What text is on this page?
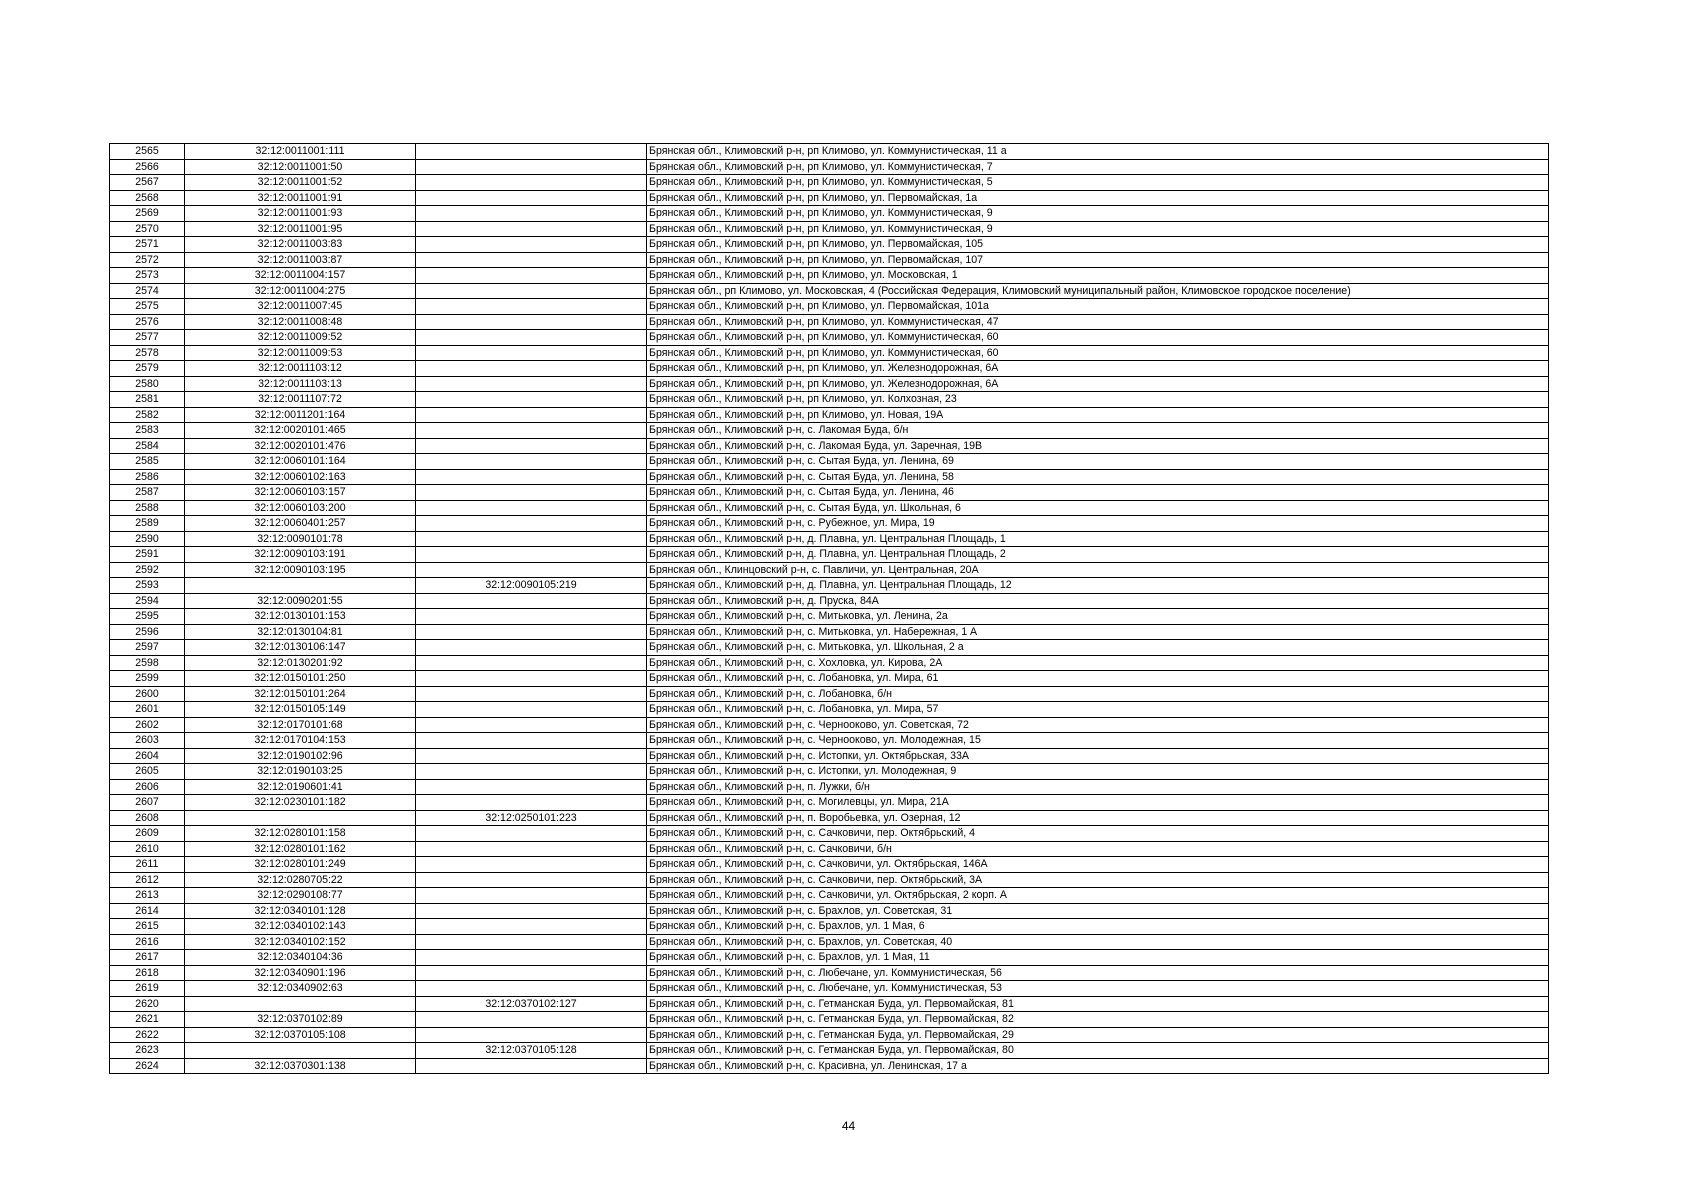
2565	32:12:0011001:111		Брянская обл., Климовский р-н, рп Климово, ул. Коммунистическая, 11 а
2566	32:12:0011001:50		Брянская обл., Климовский р-н, рп Климово, ул. Коммунистическая, 7
2567	32:12:0011001:52		Брянская обл., Климовский р-н, рп Климово, ул. Коммунистическая, 5
2568	32:12:0011001:91		Брянская обл., Климовский р-н, рп Климово, ул. Первомайская, 1а
2569	32:12:0011001:93		Брянская обл., Климовский р-н, рп Климово, ул. Коммунистическая, 9
2570	32:12:0011001:95		Брянская обл., Климовский р-н, рп Климово, ул. Коммунистическая, 9
2571	32:12:0011003:83		Брянская обл., Климовский р-н, рп Климово, ул. Первомайская, 105
2572	32:12:0011003:87		Брянская обл., Климовский р-н, рп Климово, ул. Первомайская, 107
2573	32:12:0011004:157		Брянская обл., Климовский р-н, рп Климово, ул. Московская, 1
2574	32:12:0011004:275		Брянская обл., рп Климово, ул. Московская, 4 (Российская Федерация, Климовский муниципальный район, Климовское городское поселение)
2575	32:12:0011007:45		Брянская обл., Климовский р-н, рп Климово, ул. Первомайская, 101а
2576	32:12:0011008:48		Брянская обл., Климовский р-н, рп Климово, ул. Коммунистическая, 47
2577	32:12:0011009:52		Брянская обл., Климовский р-н, рп Климово, ул. Коммунистическая, 60
2578	32:12:0011009:53		Брянская обл., Климовский р-н, рп Климово, ул. Коммунистическая, 60
2579	32:12:0011103:12		Брянская обл., Климовский р-н, рп Климово, ул. Железнодорожная, 6А
2580	32:12:0011103:13		Брянская обл., Климовский р-н, рп Климово, ул. Железнодорожная, 6А
2581	32:12:0011107:72		Брянская обл., Климовский р-н, рп Климово, ул. Колхозная, 23
2582	32:12:0011201:164		Брянская обл., Климовский р-н, рп Климово, ул. Новая, 19А
2583	32:12:0020101:465		Брянская обл., Климовский р-н, с. Лакомая Буда, б/н
2584	32:12:0020101:476		Брянская обл., Климовский р-н, с. Лакомая Буда, ул. Заречная, 19В
2585	32:12:0060101:164		Брянская обл., Климовский р-н, с. Сытая Буда, ул. Ленина, 69
2586	32:12:0060102:163		Брянская обл., Климовский р-н, с. Сытая Буда, ул. Ленина, 58
2587	32:12:0060103:157		Брянская обл., Климовский р-н, с. Сытая Буда, ул. Ленина, 46
2588	32:12:0060103:200		Брянская обл., Климовский р-н, с. Сытая Буда, ул. Школьная, 6
2589	32:12:0060401:257		Брянская обл., Климовский р-н, с. Рубежное, ул. Мира, 19
2590	32:12:0090101:78		Брянская обл., Климовский р-н, д. Плавна, ул. Центральная Площадь, 1
2591	32:12:0090103:191		Брянская обл., Климовский р-н, д. Плавна, ул. Центральная Площадь, 2
2592	32:12:0090103:195		Брянская обл., Клинцовский р-н, с. Павличи, ул. Центральная, 20А
2593		32:12:0090105:219	Брянская обл., Климовский р-н, д. Плавна, ул. Центральная Площадь, 12
2594	32:12:0090201:55		Брянская обл., Климовский р-н, д. Пруска, 84А
2595	32:12:0130101:153		Брянская обл., Климовский р-н, с. Митьковка, ул. Ленина, 2а
2596	32:12:0130104:81		Брянская обл., Климовский р-н, с. Митьковка, ул. Набережная, 1 А
2597	32:12:0130106:147		Брянская обл., Климовский р-н, с. Митьковка, ул. Школьная, 2 а
2598	32:12:0130201:92		Брянская обл., Климовский р-н, с. Хохловка, ул. Кирова, 2А
2599	32:12:0150101:250		Брянская обл., Климовский р-н, с. Лобановка, ул. Мира, 61
2600	32:12:0150101:264		Брянская обл., Климовский р-н, с. Лобановка, б/н
2601	32:12:0150105:149		Брянская обл., Климовский р-н, с. Лобановка, ул. Мира, 57
2602	32:12:0170101:68		Брянская обл., Климовский р-н, с. Чернооково, ул. Советская, 72
2603	32:12:0170104:153		Брянская обл., Климовский р-н, с. Чернооково, ул. Молодежная, 15
2604	32:12:0190102:96		Брянская обл., Климовский р-н, с. Истопки, ул. Октябрьская, 33А
2605	32:12:0190103:25		Брянская обл., Климовский р-н, с. Истопки, ул. Молодежная, 9
2606	32:12:0190601:41		Брянская обл., Климовский р-н, п. Лужки, б/н
2607	32:12:0230101:182		Брянская обл., Климовский р-н, с. Могилевцы, ул. Мира, 21А
2608		32:12:0250101:223	Брянская обл., Климовский р-н, п. Воробьевка, ул. Озерная, 12
2609	32:12:0280101:158		Брянская обл., Климовский р-н, с. Сачковичи, пер. Октябрьский, 4
2610	32:12:0280101:162		Брянская обл., Климовский р-н, с. Сачковичи, б/н
2611	32:12:0280101:249		Брянская обл., Климовский р-н, с. Сачковичи, ул. Октябрьская, 146А
2612	32:12:0280705:22		Брянская обл., Климовский р-н, с. Сачковичи, пер. Октябрьский, 3А
2613	32:12:0290108:77		Брянская обл., Климовский р-н, с. Сачковичи, ул. Октябрьская, 2 корп. А
2614	32:12:0340101:128		Брянская обл., Климовский р-н, с. Брахлов, ул. Советская, 31
2615	32:12:0340102:143		Брянская обл., Климовский р-н, с. Брахлов, ул. 1 Мая, 6
2616	32:12:0340102:152		Брянская обл., Климовский р-н, с. Брахлов, ул. Советская, 40
2617	32:12:0340104:36		Брянская обл., Климовский р-н, с. Брахлов, ул. 1 Мая, 11
2618	32:12:0340901:196		Брянская обл., Климовский р-н, с. Любечане, ул. Коммунистическая, 56
2619	32:12:0340902:63		Брянская обл., Климовский р-н, с. Любечане, ул. Коммунистическая, 53
2620		32:12:0370102:127	Брянская обл., Климовский р-н, с. Гетманская Буда, ул. Первомайская, 81
2621	32:12:0370102:89		Брянская обл., Климовский р-н, с. Гетманская Буда, ул. Первомайская, 82
2622	32:12:0370105:108		Брянская обл., Климовский р-н, с. Гетманская Буда, ул. Первомайская, 29
2623		32:12:0370105:128	Брянская обл., Климовский р-н, с. Гетманская Буда, ул. Первомайская, 80
2624	32:12:0370301:138		Брянская обл., Климовский р-н, с. Красивна, ул. Ленинская, 17 а
44
